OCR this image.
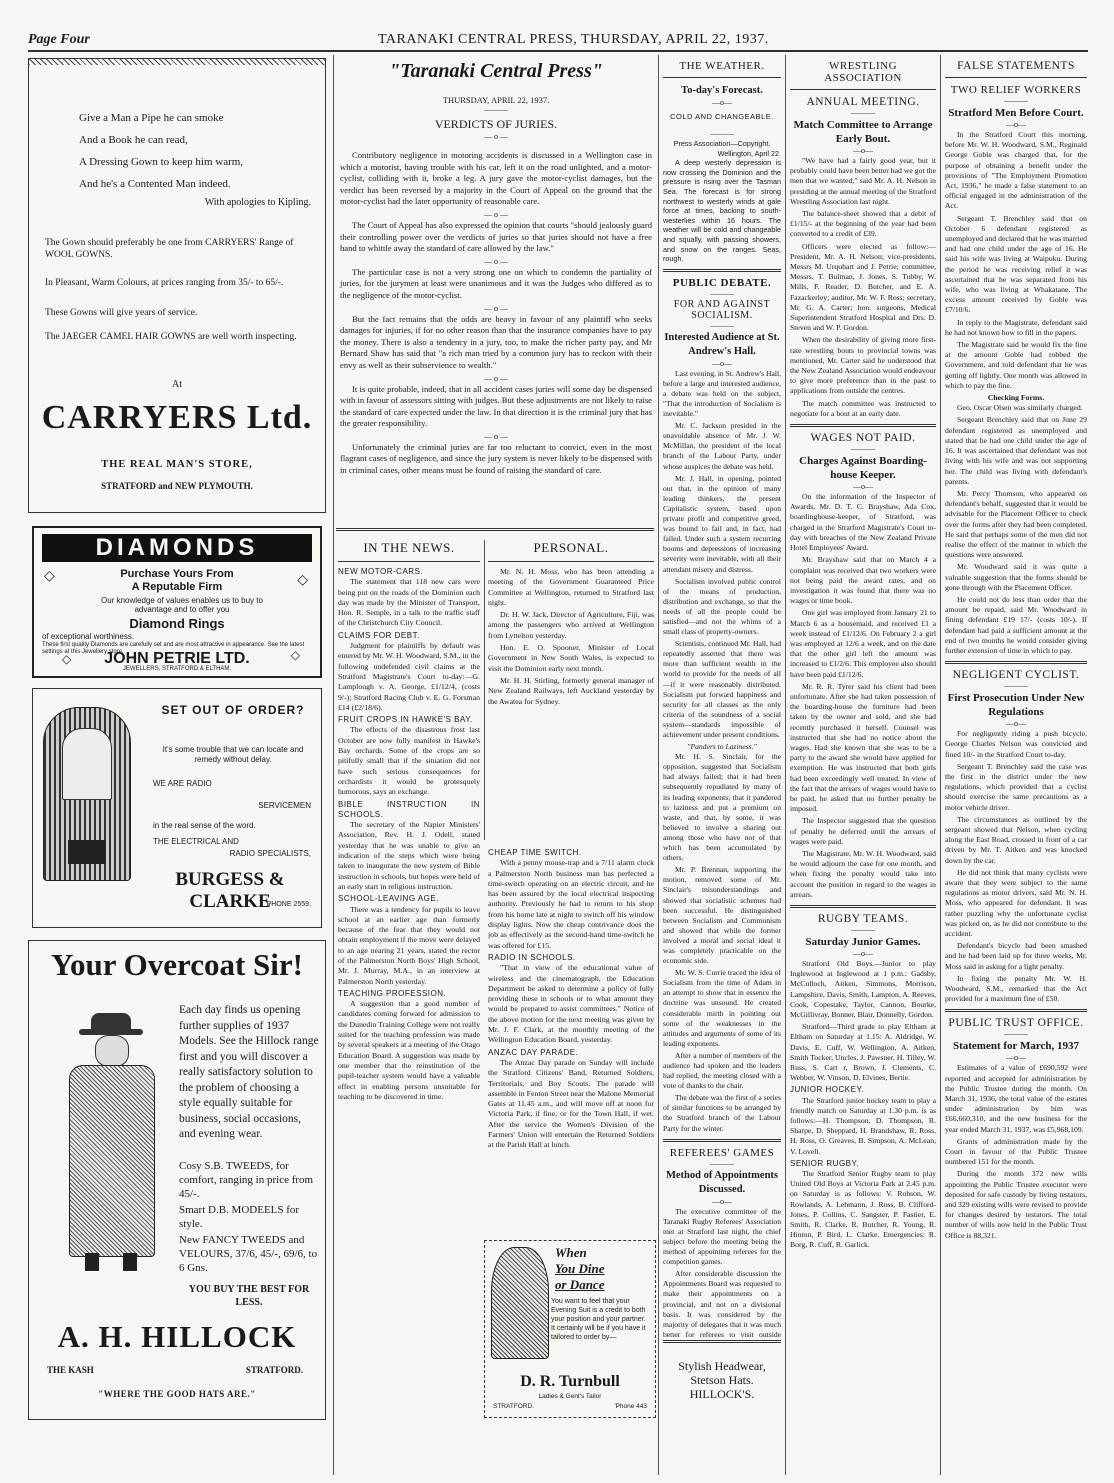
Page Four	TARANAKI CENTRAL PRESS, THURSDAY, APRIL 22, 1937.
Give a Man a Pipe he can smoke
And a Book he can read,
A Dressing Gown to keep him warm,
And he's a Contented Man indeed.
With apologies to Kipling.
The Gown should preferably be one from CARRYERS' Range of WOOL GOWNS.
In Pleasant, Warm Colours, at prices ranging from 35/- to 65/-.
These Gowns will give years of service.
The JAEGER CAMEL HAIR GOWNS are well worth inspecting.
At
CARRYERS Ltd.
THE REAL MAN'S STORE,
STRATFORD and NEW PLYMOUTH.
DIAMONDS
Purchase Yours From
A Reputable Firm
Our knowledge of values enables us to buy to advantage and to offer you
Diamond Rings
of exceptional worthiness.
These first quality Diamonds are carefully set and are most attractive in appearance. See the latest settings at this Jewellery store.
JOHN PETRIE LTD.
JEWELLERS, STRATFORD & ELTHAM.
◇	◇
◇	◇
SET OUT OF ORDER?
It's some trouble that we can locate and remedy without delay.
WE ARE RADIO
SERVICEMEN
in the real sense of the word.
THE ELECTRICAL AND
RADIO SPECIALISTS,
BURGESS & CLARKE
'PHONE 2559.
Your Overcoat Sir!
Each day finds us opening further supplies of 1937 Models. See the Hillock range first and you will discover a really satisfactory solution to the problem of choosing a style equally suitable for business, social occasions, and evening wear.
Cosy S.B. TWEEDS, for comfort, ranging in price from 45/-.
Smart D.B. MODEELS for style.
New FANCY TWEEDS and VELOURS, 37/6, 45/-, 69/6, to 6 Gns.
YOU BUY THE BEST FOR LESS.
A. H. HILLOCK
THE KASH	STRATFORD.
"WHERE THE GOOD HATS ARE."
"Taranaki Central Press"
THURSDAY, APRIL 22, 1937.
———
VERDICTS OF JURIES.
— o —

Contributory negligence in motoring accidents is discussed in a Wellington case in which a motorist, having trouble with his car, left it on the road unlighted, and a motor-cyclist, colliding with it, broke a leg. A jury gave the motor-cyclist damages, but the verdict has been reversed by a majority in the Court of Appeal on the ground that the motor-cyclist had the later opportunity of reasonable care.

— o —

The Court of Appeal has also expressed the opinion that courts "should jealously guard their controlling power over the verdicts of juries so that juries should not have a free hand to whittle away the standard of care allowed by the law."

— o —

The particular case is not a very strong one on which to condemn the partiality of juries, for the jurymen at least were unanimous and it was the Judges who differed as to the negligence of the motor-cyclist.

— o —

But the fact remains that the odds are heavy in favour of any plaintiff who seeks damages for injuries, if for no other reason than that the insurance companies have to pay the money. There is also a tendency in a jury, too, to make the richer party pay, and Mr Bernard Shaw has said that "a rich man tried by a common jury has to reckon with their envy as well as their subservience to wealth."

— o —

It is quite probable, indeed, that in all accident cases juries will some day be dispensed with in favour of assessors sitting with judges. But these adjustments are not likely to raise the standard of care expected under the law. In that direction it is the criminal jury that has the greater responsibility.

— o —

Unfortunately the criminal juries are far too reluctant to convict, even in the most flagrant cases of negligence, and since the jury system is never likely to be dispensed with in criminal cases, other means must be found of raising the standard of care.

IN THE NEWS.
NEW MOTOR-CARS.

The statement that 118 new cars were being put on the roads of the Dominion each day was made by the Minister of Transport, Hon. R. Semple, in a talk to the traffic staff of the Christchurch City Council.

CLAIMS FOR DEBT.

Judgment for plaintiffs by default was entered by Mr. W. H. Woodward, S.M., in the following undefended civil claims at the Stratford Magistrate's Court to-day:—G. Lamplough v. A. George, £1/12/4, (costs 9/-); Stratford Racing Club v. E. G. Forsman £14 (£2/18/6).

FRUIT CROPS IN HAWKE'S BAY.

The effects of the disastrous frost last October are now fully manifest in Hawke's Bay orchards. Some of the crops are so pitifully small that if the situation did not have such serious consequences for orchardists it would be grotesquely humorous, says an exchange.

BIBLE INSTRUCTION IN SCHOOLS.

The secretary of the Napier Ministers' Association, Rev. H. J. Odell, stated yesterday that he was unable to give an indication of the steps which were being taken to inaugurate the new system of Bible instruction in schools, but hopes were held of an early start in religious instruction.

SCHOOL-LEAVING AGE.

There was a tendency for pupils to leave school at an earlier age than formerly because of the fear that they would not obtain employment if the move were delayed to an age nearing 21 years, stated the rector of the Palmerston North Boys' High School, Mr. J. Murray, M.A., in an interview at Palmerston North yesterday.

TEACHING PROFESSION.

A suggestion that a good number of candidates coming forward for admission to the Dunedin Training College were not really suited for the teaching profession was made by several speakers at a meeting of the Otago Education Board. A suggestion was made by one member that the reinstitution of the pupil-teacher system would have a valuable effect in enabling persons unsuitable for teaching to be discovered in time.

PERSONAL.

Mr. N. H. Moss, who has been attending a meeting of the Government Guaranteed Price Committee at Wellington, returned to Stratford last night.

Dr. H. W. Jack, Director of Agriculture, Fiji, was among the passengers who arrived at Wellington from Lyttelton yesterday.

Hon. E. O. Spooner, Minister of Local Government in New South Wales, is expected to visit the Dominion early next month.

Mr. H. H. Stirling, formerly general manager of New Zealand Railways, left Auckland yesterday by the Awatea for Sydney.

CHEAP TIME SWITCH.

With a penny mouse-trap and a 7/11 alarm clock a Palmerston North business man has perfected a time-switch operating on an electric circuit, and he has been assured by the local electrical inspecting authority. Previously he had to return to his shop from his home late at night to switch off his window display lights. Now the cheap contrivance does the job as effectively as the second-hand time-switch he was offered for £15.

RADIO IN SCHOOLS.

"That in view of the educational value of wireless and the cinematograph, the Education Department be asked to determine a policy of fully providing these in schools or to what amount they would be prepared to assist committees." Notice of the above motion for the next meeting was given by Mr. J. F. Clark, at the monthly meeting of the Wellington Education Board, yesterday.

ANZAC DAY PARADE.

The Anzac Day parade on Sunday will include the Stratford Citizens' Band, Returned Soldiers, Territorials, and Boy Scouts. The parade will assemble in Fenton Street near the Malone Memorial Gates at 11.45 a.m., and will move off at noon for Victoria Park, if fine, or for the Town Hall, if wet. After the service the Women's Division of the Farmers' Union will entertain the Returned Soldiers at the Parish Hall at lunch.

When
You Dine
or Dance
You want to feel that your Evening Suit is a credit to both your position and your partner. It certainly will be if you have it tailored to order by—
D. R. Turnbull
Ladies & Gent's Tailor
STRATFORD.	'Phone 443
THE WEATHER.
To-day's Forecast.
—o—
COLD AND CHANGEABLE.
———
Press Association—Copyright.
Wellington, April 22.

A deep westerly depression is now crossing the Dominion and the pressure is rising over the Tasman Sea. The forecast is for strong northwest to westerly winds at gale force at times, backing to south-westerlies within 16 hours. The weather will be cold and changeable and squally, with passing showers, and snow on the ranges. Seas, rough.

PUBLIC DEBATE.
———
FOR AND AGAINST SOCIALISM.
———
Interested Audience at St. Andrew's Hall.
—o—

Last evening, in St. Andrew's Hall, before a large and interested audience, a debate was held on the subject, "That the introduction of Socialism is inevitable."

Mr. C. Jackson presided in the unavoidable absence of Mr. J. W. McMillan, the president of the local branch of the Labour Party, under whose auspices the debate was held.

Mr. J. Hall, in opening, pointed out that, in the opinion of many leading thinkers, the present Capitalistic system, based upon private profit and competitive greed, was bound to fail and, in fact, had failed. Under such a system recurring booms and depressions of increasing severity were inevitable, with all their attendant misery and distress.

Socialism involved public control of the means of production, distribution and exchange, so that the needs of all the people could be satisfied—and not the whims of a small class of property-owners.

Scientists, continued Mr. Hall, had repeatedly asserted that there was more than sufficient wealth in the world to provide for the needs of all —if it were reasonably distributed. Socialism put forward happiness and security for all classes as the only criteria of the soundness of a social system—standards impossible of achievement under present conditions.

"Panders to Laziness."

Mr. H. S. Sinclair, for the opposition, suggested that Socialism had always failed; that it had been subsequently repudiated by many of its leading exponents; that it pandered to laziness and put a premium on waste, and that, by some, it was believed to involve a sharing out among those who have not of that which has been accumulated by others.

Mr. P. Brennan, supporting the motion, removed some of Mr. Sinclair's misunderstandings and showed that socialistic schemes had been successful. He distinguished between Socialism and Communism and showed that while the former involved a moral and social ideal it was completely practicable on the economic side.

Mr. W. S. Currie traced the idea of Socialism from the time of Adam in an attempt to show that in essence the doctrine was unsound. He created considerable mirth in pointing out some of the weaknesses in the attitudes and arguments of some of its leading exponents.

After a number of members of the audience had spoken and the leaders had replied, the meeting closed with a vote of thanks to the chair.

The debate was the first of a series of similar functions to be arranged by the Stratford branch of the Labour Party for the winter.

REFEREES' GAMES
———
Method of Appointments Discussed.
—o—

The executive committee of the Taranaki Rugby Referees' Association met at Stratford last night, the chief subject before the meeting being the method of appointing referees for the competition games.

After considerable discussion the Appointments Board was requested to make their appointments on a provincial, and not on a divisional basis. It was considered by the majority of delegates that it was much better for referees to visit outside

Stylish Headwear,
Stetson Hats.
HILLOCK'S.
WRESTLING ASSOCIATION
ANNUAL MEETING.
———
Match Committee to Arrange Early Bout.
—o—

"We have had a fairly good year, but it probably could have been better had we got the men that we wanted," said Mr. A. H. Nelson in presiding at the annual meeting of the Stratford Wrestling Association last night.

The balance-sheet showed that a debit of £1/15/- at the beginning of the year had been converted to a credit of £39.

Officers were elected as follow:—President, Mr. A. H. Nelson; vice-presidents, Messrs M. Urquhart and J. Petrie; committee, Messrs. T. Bulman, J. Jones, S. Tubby, W. Mills, F. Reader, D. Butcher, and E. A. Fazackerley; auditor, Mr. W. F. Ross; secretary, Mr. G. A. Carter; hon. surgeons, Medical Superintendent Stratford Hospital and Drs. D. Steven and W. P. Gordon.

When the desirability of giving more first-rate wrestling bouts to provincial towns was mentioned, Mr. Carter said he understood that the New Zealand Association would endeavour to give more preference than in the past to applications from outside the centres.

The match committee was instructed to negotiate for a bout at an early date.

WAGES NOT PAID.
———
Charges Against Boarding-house Keeper.
—o—

On the information of the Inspector of Awards, Mr. D. T. C. Brayshaw, Ada Cox, boardinghouse-keeper, of Stratford, was charged in the Stratford Magistrate's Court to-day with breaches of the New Zealand Private Hotel Employees' Award.

Mr. Brayshaw said that on March 4 a complaint was received that two workers were not being paid the award rates, and on investigation it was found that there was no wages or time book.

One girl was employed from January 21 to March 6 as a housemaid, and received £1 a week instead of £1/12/6. On February 2 a girl was employed at 12/6 a week, and on the date that the other girl left the amount was increased to £1/2/6. This employee also should have been paid £1/12/6.

Mr. R. R. Tyrer said his client had been unfortunate. After she had taken possession of the boarding-house the furniture had been taken by the owner and sold, and she had recently purchased it herself. Counsel was instructed that she had no notice about the wages. Had she known that she was to be a party to the award she would have applied for exemption. He was instructed that both girls had been exceedingly well treated. In view of the fact that the arrears of wages would have to be paid, he asked that no further penalty be imposed.

The Inspector suggested that the question of penalty be deferred until the arrears of wages were paid.

The Magistrate, Mr. W. H. Woodward, said he would adjourn the case for one month, and when fixing the penalty would take into account the position in regard to the wages in arrears.

RUGBY TEAMS.
———
Saturday Junior Games.
—o—

Stratford Old Boys.—Junior to play Inglewood at Inglewood at 1 p.m.: Gadsby, McCulloch, Aitken, Simmons, Morrison, Lampshire, Davis, Smith, Lampton, A. Reeves, Cook, Copestake, Taylor, Cannon, Bourke, McGillivray, Bonner, Blair, Donnelly, Gordon.

Stratford—Third grade to play Eltham at Eltham on Saturday at 1.15: A. Aldridge, W. Davis, E. Cuff, W. Wellington, A. Aitken, Smith Tocker, Uncles, J. Pawsner, H. Tilley, W. Russ, S. Cart r, Brown, J. Clements, C. Webber, W. Vinson, D. Elvines, Bertie.

JUNIOR HOCKEY.

The Stratford junior hockey team to play a friendly match on Saturday at 1.30 p.m. is as follows:—H. Thompson, D. Thompson, R. Sharpe, D. Sheppard, H. Brandshaw, R. Ross, H. Ross, O. Greaves, B. Simpson, A. McLean, V. Lovell.

SENIOR RUGBY.

The Stratford Senior Rugby team to play United Old Boys at Victoria Park at 2.45 p.m. on Saturday is as follows: V. Robson, W. Rowlands, A. Lehmann, J. Ross, B. Clifford-Jones, P. Collins, C. Sangster, P. Fastier, E. Smith, R. Clarke, R. Butcher, R. Young, R. Hinton, P. Bird, L. Clarke. Emergencies: R. Borg, R. Cuff, R. Garlick.

FALSE STATEMENTS
TWO RELIEF WORKERS
———
Stratford Men Before Court.
—o—

In the Stratford Court this morning, before Mr. W. H. Woodward, S.M., Reginald George Goble was charged that, for the purpose of obtaining a benefit under the provisions of "The Employment Promotion Act, 1936," he made a false statement to an official engaged in the administration of the Act.

Sergeant T. Brenchley said that on October 6 defendant registered as unemployed and declared that he was married and had one child under the age of 16. He said his wife was living at Waipuku. During the period he was receiving relief it was ascertained that he was separated from his wife, who was living at Whakatane. The excess amount received by Goble was £7/10/6.

In reply to the Magistrate, defendant said he had not known how to fill in the papers.

The Magistrate said he would fix the fine at the amount Goble had robbed the Government, and told defendant that he was getting off lightly. One month was allowed in which to pay the fine.

Checking Forms.

Geo. Oscar Olsen was similarly charged.

Sergeant Brenchley said that on June 29 defendant registered as unemployed and stated that he had one child under the age of 16. It was ascertained that defendant was not living with his wife and was not supporting her. The child was living with defendant's parents.

Mr. Percy Thomson, who appeared on defendant's behalf, suggested that it would be advisable for the Placement Officer to check over the forms after they had been completed. He said that perhaps some of the men did not realise the effect of the manner in which the questions were answered.

Mr. Woodward said it was quite a valuable suggestion that the forms should be gone through with the Placement Officer.

He could not do less than order that the amount be repaid, said Mr. Woodward in fining defendant £19 17/- (costs 10/-). If defendant had paid a sufficient amount at the end of two months he would consider giving further extension of time in which to pay.

NEGLIGENT CYCLIST.
———
First Prosecution Under New Regulations
—o—

For negligently riding a push bicycle, George Charles Nelson was convicted and fined 10/- in the Stratford Court to-day.

Sergeant T. Brenchley said the case was the first in the district under the new regulations, which provided that a cyclist should exercise the same precautions as a motor vehicle driver.

The circumstances as outlined by the sergeant showed that Nelson, when cycling along the East Road, crossed in front of a car driven by Mr. T. Aitken and was knocked down by the car.

He did not think that many cyclists were aware that they were subject to the same regulations as motor drivers, said Mr. N. H. Moss, who appeared for defendant. It was rather puzzling why the unfortunate cyclist was picked on, as he did not contribute to the accident.

Defendant's bicycle had been smashed and he had been laid up for three weeks, Mr. Moss said in asking for a light penalty.

In fixing the penalty Mr. W. H. Woodward, S.M., remarked that the Act provided for a maximum fine of £50.

PUBLIC TRUST OFFICE.
———
Statement for March, 1937
—o—

Estimates of a value of £690,592 were reported and accepted for administration by the Public Trustee during the month. On March 31, 1936, the total value of the estates under administration by him was £66,660,310, and the new business for the year ended March 31, 1937, was £5,968,109.

Grants of administration made by the Court in favour of the Public Trustee numbered 151 for the month.

During the month 372 new wills appointing the Public Trustee executor were deposited for safe custody by living testators, and 329 existing wills were revised to provide for changes desired by testators. The total number of wills now held in the Public Trust Office is 88,321.
